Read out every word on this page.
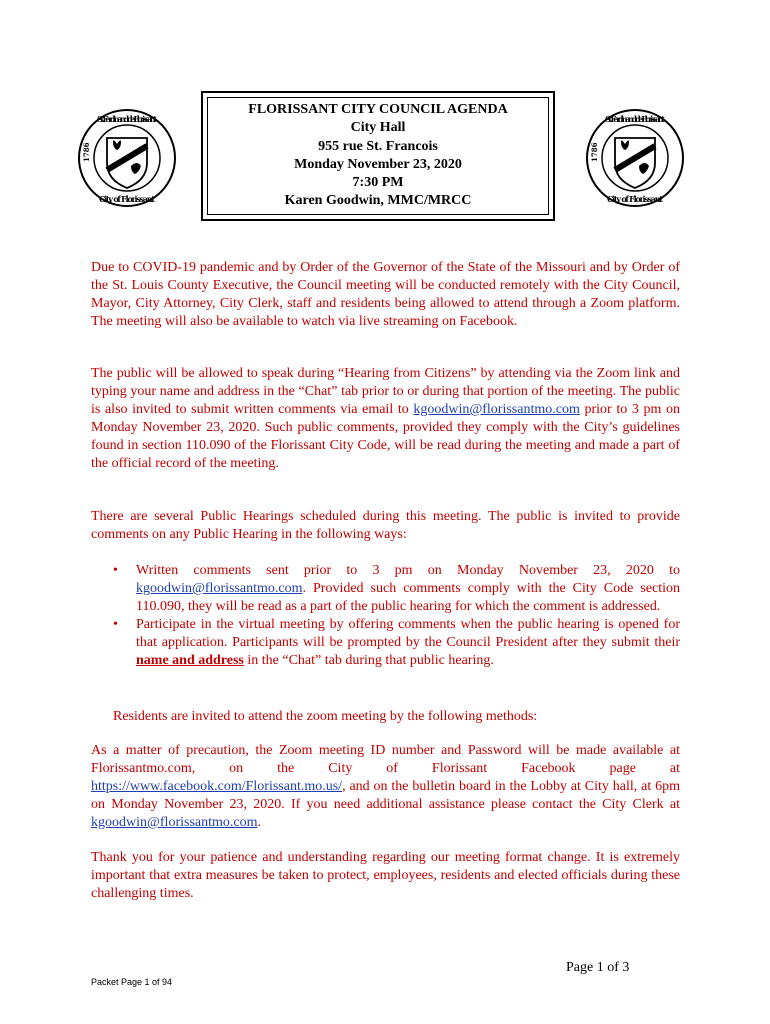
St. Ferdinand de Florissant
1786
City of Florissant
St. Ferdinand de Florissant
1786
City of Florissant
FLORISSANT CITY COUNCIL AGENDA
City Hall
955 rue St. Francois
Monday November 23, 2020
7:30 PM
Karen Goodwin, MMC/MRCC

Due to COVID-19 pandemic and by Order of the Governor of the State of the Missouri and by Order of the St. Louis County Executive, the Council meeting will be conducted remotely with the City Council, Mayor, City Attorney, City Clerk, staff and residents being allowed to attend through a Zoom platform. The meeting will also be available to watch via live streaming on Facebook.

The public will be allowed to speak during “Hearing from Citizens” by attending via the Zoom link and typing your name and address in the “Chat” tab prior to or during that portion of the meeting. The public is also invited to submit written comments via email to kgoodwin@florissantmo.com prior to 3 pm on Monday November 23, 2020. Such public comments, provided they comply with the City’s guidelines found in section 110.090 of the Florissant City Code, will be read during the meeting and made a part of the official record of the meeting.

There are several Public Hearings scheduled during this meeting. The public is invited to provide comments on any Public Hearing in the following ways:

• Written comments sent prior to 3 pm on Monday November 23, 2020 to kgoodwin@florissantmo.com. Provided such comments comply with the City Code section 110.090, they will be read as a part of the public hearing for which the comment is addressed.
• Participate in the virtual meeting by offering comments when the public hearing is opened for that application. Participants will be prompted by the Council President after they submit their name and address in the “Chat” tab during that public hearing.

Residents are invited to attend the zoom meeting by the following methods:

As a matter of precaution, the Zoom meeting ID number and Password will be made available at Florissantmo.com, on the City of Florissant Facebook page at https://www.facebook.com/Florissant.mo.us/, and on the bulletin board in the Lobby at City hall, at 6pm on Monday November 23, 2020. If you need additional assistance please contact the City Clerk at kgoodwin@florissantmo.com.

Thank you for your patience and understanding regarding our meeting format change. It is extremely important that extra measures be taken to protect, employees, residents and elected officials during these challenging times.

Page 1 of 3
Packet Page 1 of 94
